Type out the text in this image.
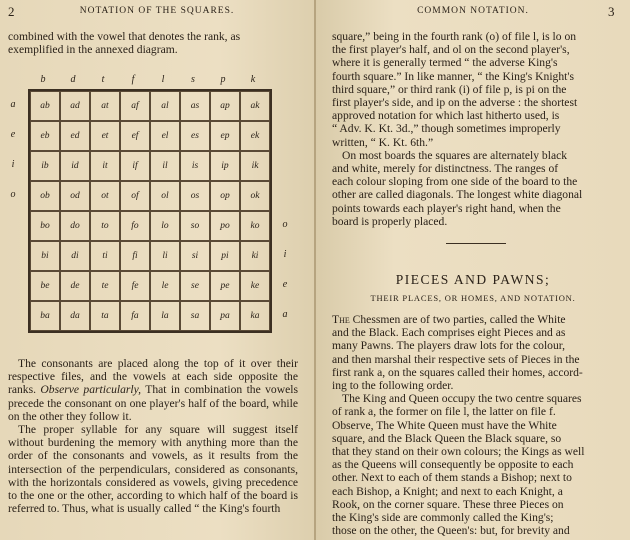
2	NOTATION OF THE SQUARES.
combined with the vowel that denotes the rank, as
exemplified in the annexed diagram.
b	d	t	f	l	s	p	k
a
e
i
o
o
i
e
a
ab	ad	at	af	al	as	ap	ak
eb	ed	et	ef	el	es	ep	ek
ib	id	it	if	il	is	ip	ik
ob	od	ot	of	ol	os	op	ok
bo	do	to	fo	lo	so	po	ko
bi	di	ti	fi	li	si	pi	ki
be	de	te	fe	le	se	pe	ke
ba	da	ta	fa	la	sa	pa	ka

The consonants are placed along the top of it over their respective files, and the vowels at each side opposite the ranks. Observe particularly, That in combination the vowels precede the consonant on one player's half of the board, while on the other they follow it.

The proper syllable for any square will suggest itself without burdening the memory with anything more than the order of the consonants and vowels, as it results from the intersection of the perpendiculars, considered as consonants, with the horizontals considered as vowels, giving precedence to the one or the other, according to which half of the board is referred to. Thus, what is usually called “ the King's fourth

COMMON NOTATION.	3
square,” being in the fourth rank (o) of file l, is lo on
the first player's half, and ol on the second player's,
where it is generally termed “ the adverse King's
fourth square.” In like manner, “ the King's Knight's
third square,” or third rank (i) of file p, is pi on the
first player's side, and ip on the adverse : the shortest
approved notation for which last hitherto used, is
“ Adv. K. Kt. 3d.,” though sometimes improperly
written, “ K. Kt. 6th.”
On most boards the squares are alternately black
and white, merely for distinctness. The ranges of
each colour sloping from one side of the board to the
other are called diagonals. The longest white diagonal
points towards each player's right hand, when the
board is properly placed.
PIECES AND PAWNS;
THEIR PLACES, OR HOMES, AND NOTATION.
The Chessmen are of two parties, called the White
and the Black. Each comprises eight Pieces and as
many Pawns. The players draw lots for the colour,
and then marshal their respective sets of Pieces in the
first rank a, on the squares called their homes, accord-
ing to the following order.
The King and Queen occupy the two centre squares
of rank a, the former on file l, the latter on file f.
Observe, The White Queen must have the White
square, and the Black Queen the Black square, so
that they stand on their own colours; the Kings as well
as the Queens will consequently be opposite to each
other. Next to each of them stands a Bishop; next to
each Bishop, a Knight; and next to each Knight, a
Rook, on the corner square. These three Pieces on
the King's side are commonly called the King's;
those on the other, the Queen's: but, for brevity and
